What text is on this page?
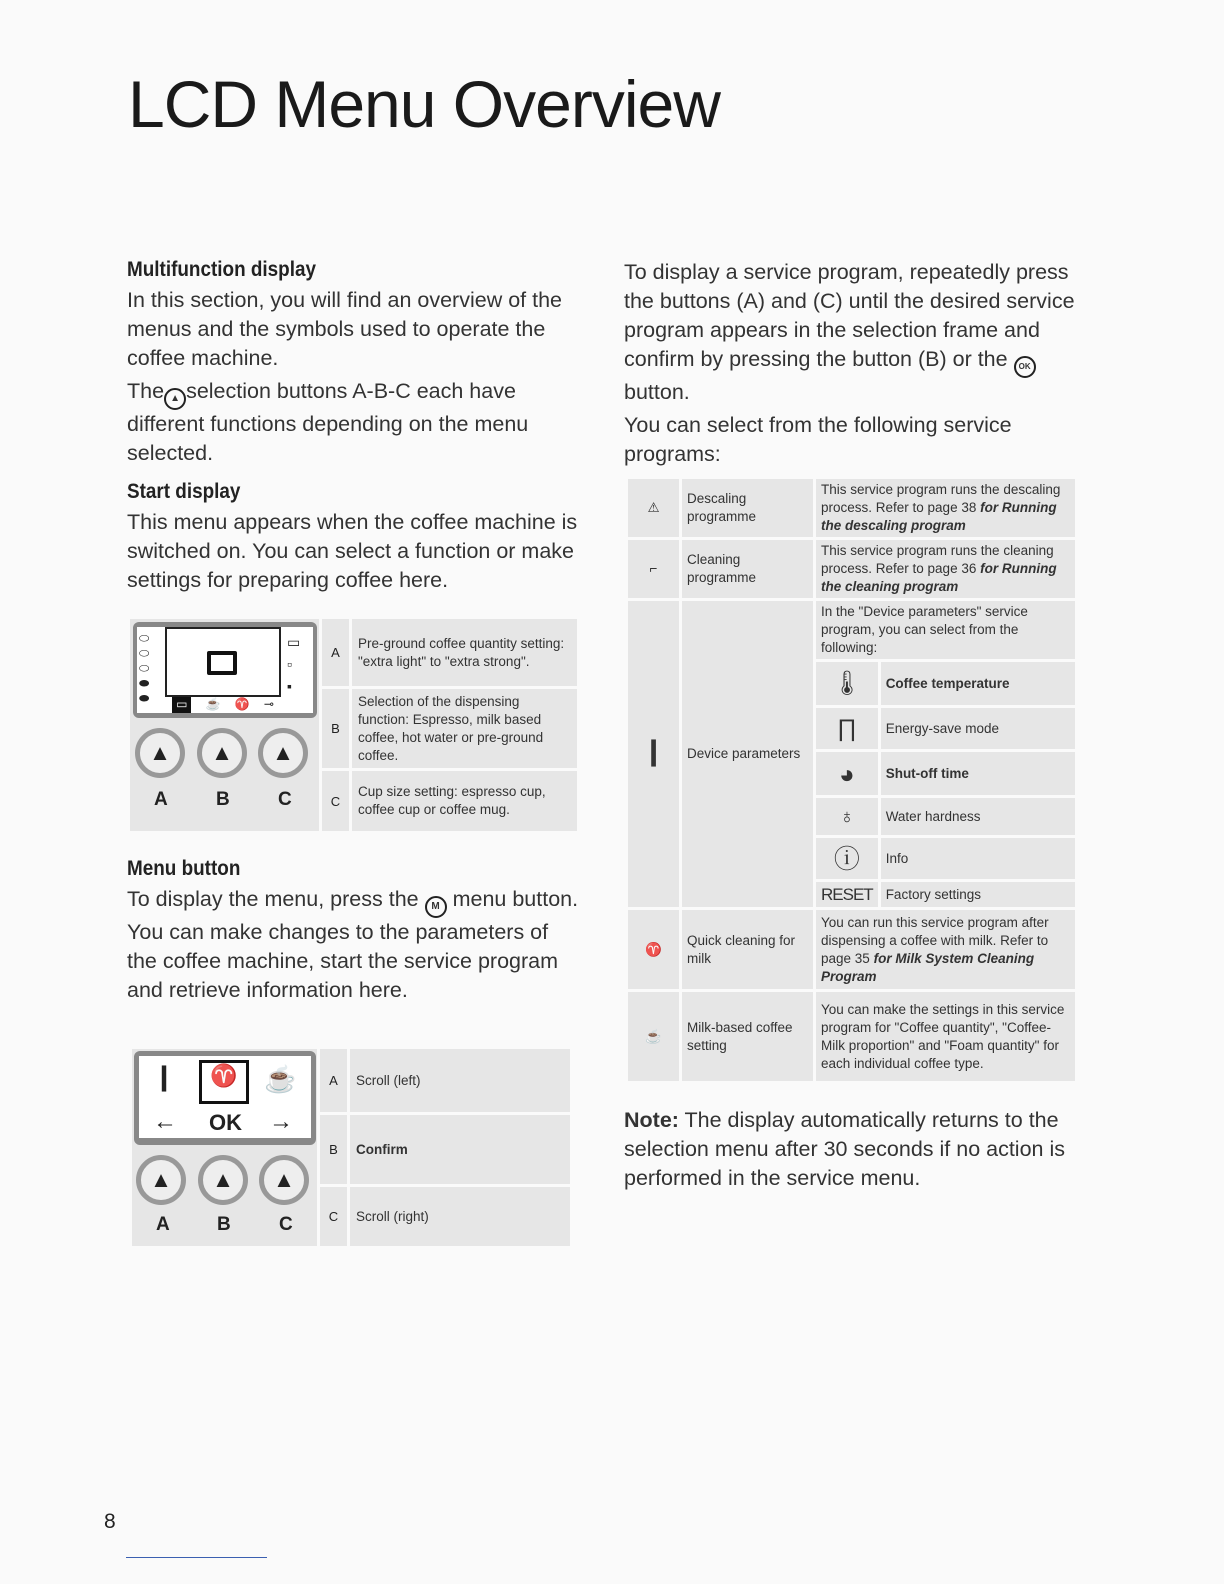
LCD Menu Overview
Multifunction display

In this section, you will find an overview of the menus and the symbols used to operate the coffee machine.

The ▲ selection buttons A-B-C each have different functions depending on the menu selected.

Start display

This menu appears when the coffee machine is switched on. You can select a function or make settings for preparing coffee here.

⬭
⬭
⬭
⬬
⬬	▭	☕ ♈ ⊸
▭
▫
▪
▲	▲	▲
A	B	C
A
Pre-ground coffee quantity setting: "extra light" to "extra strong".
B
Selection of the dispensing function: Espresso, milk based coffee, hot water or pre-ground coffee.
C
Cup size setting: espresso cup, coffee cup or coffee mug.
Menu button

To display the menu, press the M menu button. You can make changes to the parameters of the coffee machine, start the service program and retrieve information here.

Ⅰ	♈	☕
← OK →
▲	▲	▲
A B	C
A	Scroll (left)
B	Confirm
C	Scroll (right)

To display a service program, repeatedly press the buttons (A) and (C) until the desired service program appears in the selection frame and confirm by pressing the button (B) or the OK button.

You can select from the following service programs:

⚠	Descaling programme	This service program runs the descaling process. Refer to page 38 for Running the descaling program	
⌐	Cleaning programme	This service program runs the cleaning process. Refer to page 36 for Running the cleaning program	
Ⅰ	Device parameters	In the "Device parameters" service program, you can select from the following:	
		🌡	Coffee temperature
		∏	Energy-save mode
		◕	Shut-off time
		♁	Water hardness
		ⓘ	Info
		RESET	Factory settings
♈	Quick cleaning for milk	You can run this service program after dispensing a coffee with milk. Refer to page 35 for Milk System Cleaning Program	
☕	Milk-based coffee setting	You can make the settings in this service program for "Coffee quantity", "Coffee-Milk proportion" and "Foam quantity" for each individual coffee type.	

Note: The display automatically returns to the selection menu after 30 seconds if no action is performed in the service menu.

8
